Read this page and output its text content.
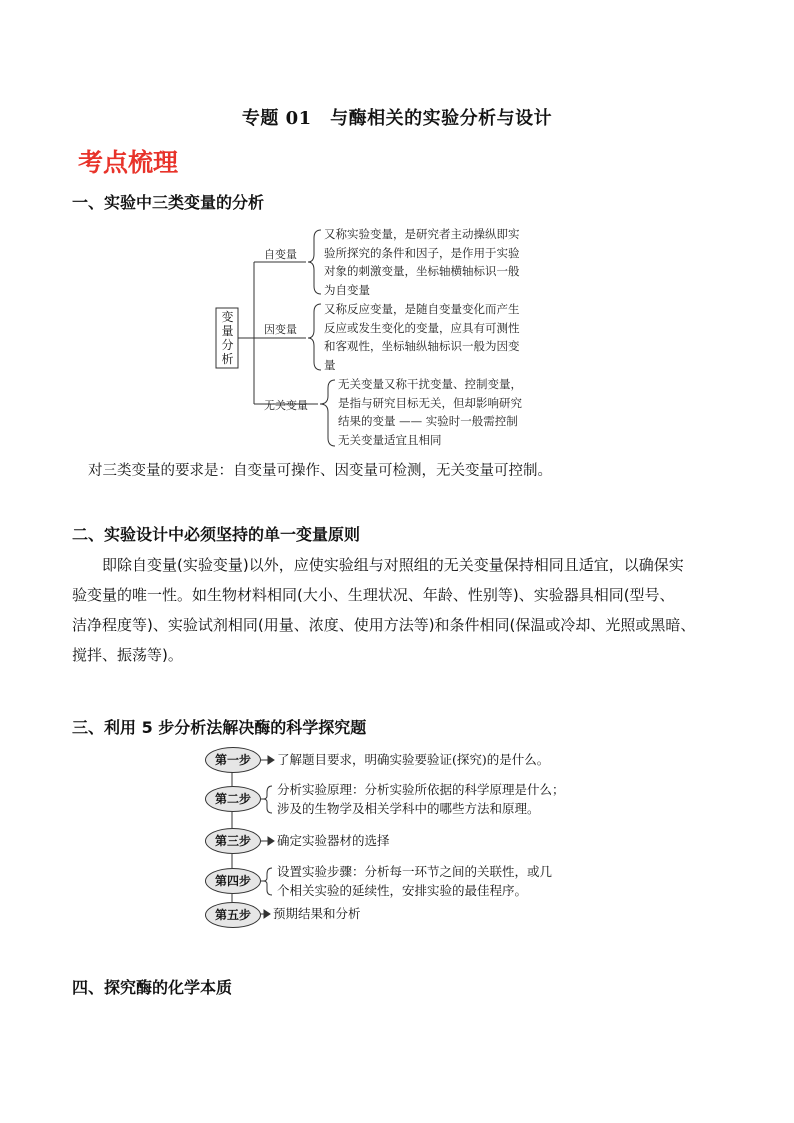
专题 01　与酶相关的实验分析与设计
考点梳理
一、实验中三类变量的分析
变
量
分
析
自变量
因变量
无关变量
又称实验变量，是研究者主动操纵即实
验所探究的条件和因子，是作用于实验
对象的刺激变量，坐标轴横轴标识一般
为自变量
又称反应变量，是随自变量变化而产生
反应或发生变化的变量，应具有可测性
和客观性，坐标轴纵轴标识一般为因变
量
无关变量又称干扰变量、控制变量，
是指与研究目标无关，但却影响研究
结果的变量 —— 实验时一般需控制
无关变量适宜且相同
对三类变量的要求是：自变量可操作、因变量可检测，无关变量可控制。
二、实验设计中必须坚持的单一变量原则
即除自变量(实验变量)以外，应使实验组与对照组的无关变量保持相同且适宜，以确保实
验变量的唯一性。如生物材料相同(大小、生理状况、年龄、性别等)、实验器具相同(型号、
洁净程度等)、实验试剂相同(用量、浓度、使用方法等)和条件相同(保温或冷却、光照或黑暗、
搅拌、振荡等)。
三、利用 5 步分析法解决酶的科学探究题
第一步
第二步
第三步
第四步
第五步
了解题目要求，明确实验要验证(探究)的是什么。
分析实验原理：分析实验所依据的科学原理是什么；
涉及的生物学及相关学科中的哪些方法和原理。
确定实验器材的选择
设置实验步骤：分析每一环节之间的关联性，或几
个相关实验的延续性，安排实验的最佳程序。
预期结果和分析
四、探究酶的化学本质
